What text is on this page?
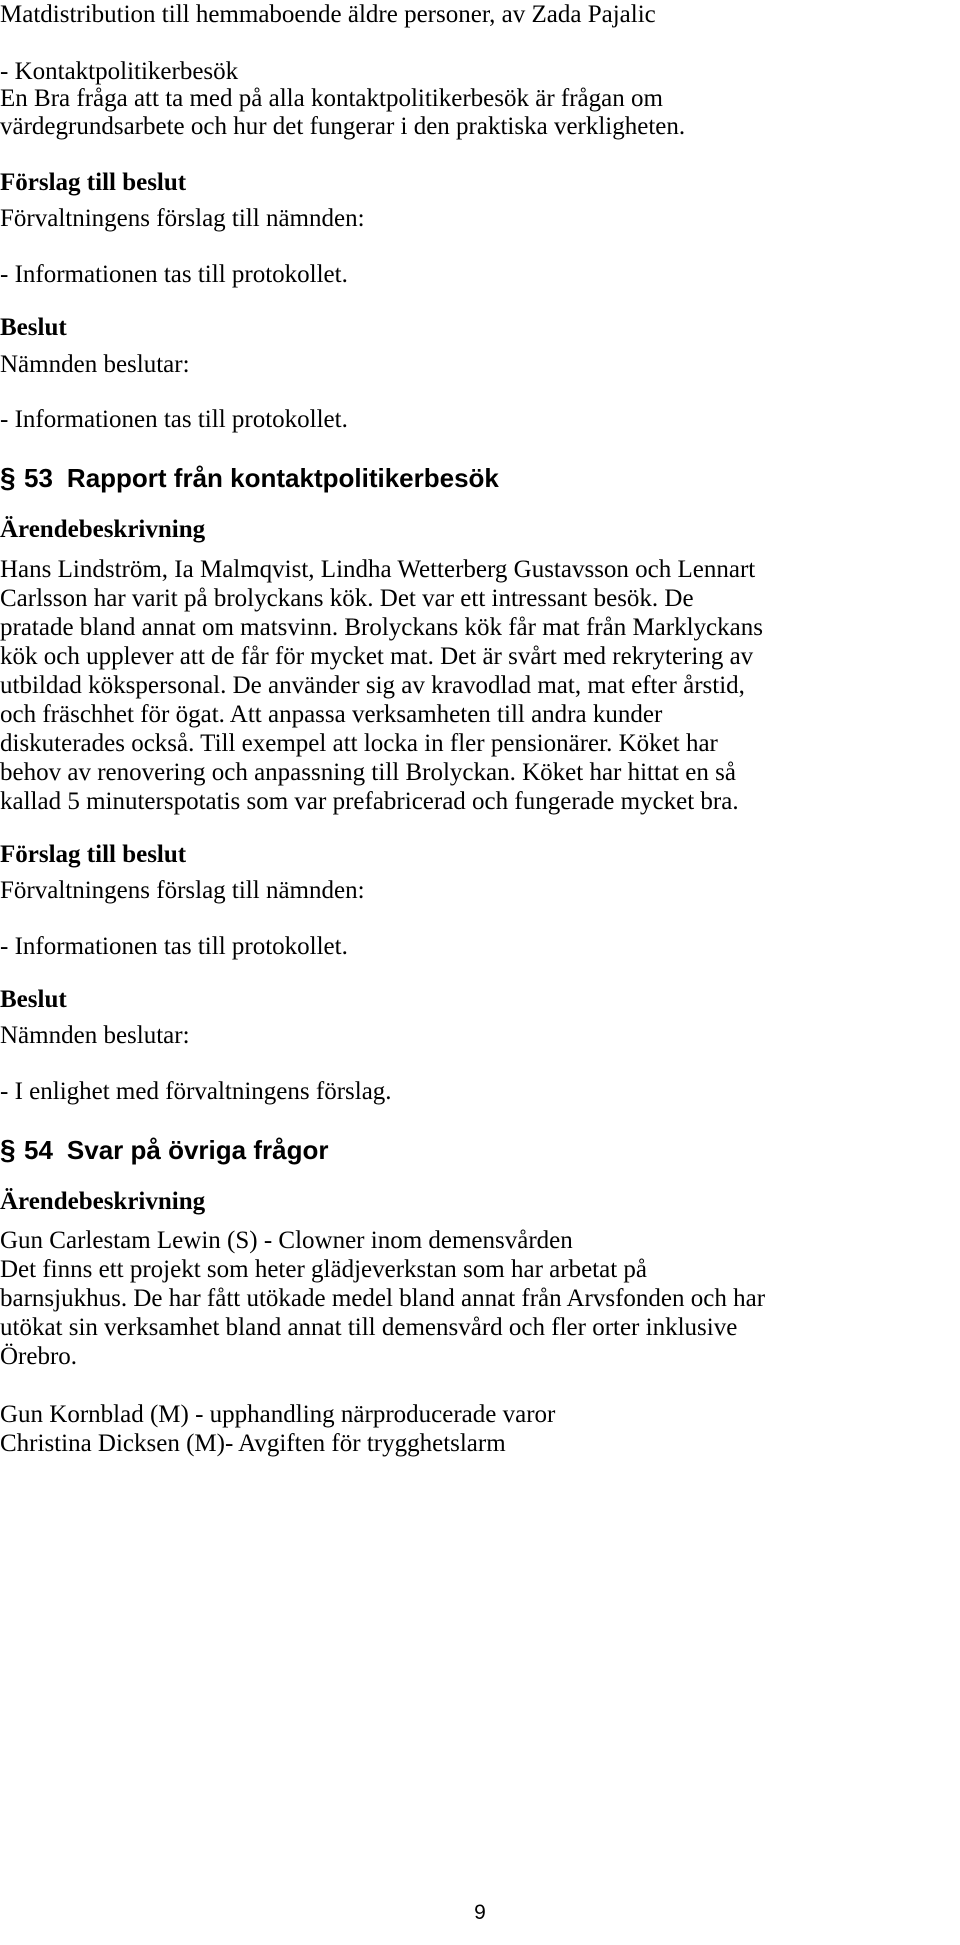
Matdistribution till hemmaboende äldre personer, av Zada Pajalic
- Kontaktpolitikerbesök
En Bra fråga att ta med på alla kontaktpolitikerbesök är frågan om
värdegrundsarbete och hur det fungerar i den praktiska verkligheten.
Förslag till beslut
Förvaltningens förslag till nämnden:
- Informationen tas till protokollet.
Beslut
Nämnden beslutar:
- Informationen tas till protokollet.
§ 53 Rapport från kontaktpolitikerbesök
Ärendebeskrivning
Hans Lindström, Ia Malmqvist, Lindha Wetterberg Gustavsson och Lennart
Carlsson har varit på brolyckans kök. Det var ett intressant besök. De
pratade bland annat om matsvinn. Brolyckans kök får mat från Marklyckans
kök och upplever att de får för mycket mat. Det är svårt med rekrytering av
utbildad kökspersonal. De använder sig av kravodlad mat, mat efter årstid,
och fräschhet för ögat. Att anpassa verksamheten till andra kunder
diskuterades också. Till exempel att locka in fler pensionärer. Köket har
behov av renovering och anpassning till Brolyckan. Köket har hittat en så
kallad 5 minuterspotatis som var prefabricerad och fungerade mycket bra.
Förslag till beslut
Förvaltningens förslag till nämnden:
- Informationen tas till protokollet.
Beslut
Nämnden beslutar:
- I enlighet med förvaltningens förslag.
§ 54 Svar på övriga frågor
Ärendebeskrivning
Gun Carlestam Lewin (S) - Clowner inom demensvården
Det finns ett projekt som heter glädjeverkstan som har arbetat på
barnsjukhus. De har fått utökade medel bland annat från Arvsfonden och har
utökat sin verksamhet bland annat till demensvård och fler orter inklusive
Örebro.
Gun Kornblad (M) - upphandling närproducerade varor
Christina Dicksen (M)- Avgiften för trygghetslarm
9
